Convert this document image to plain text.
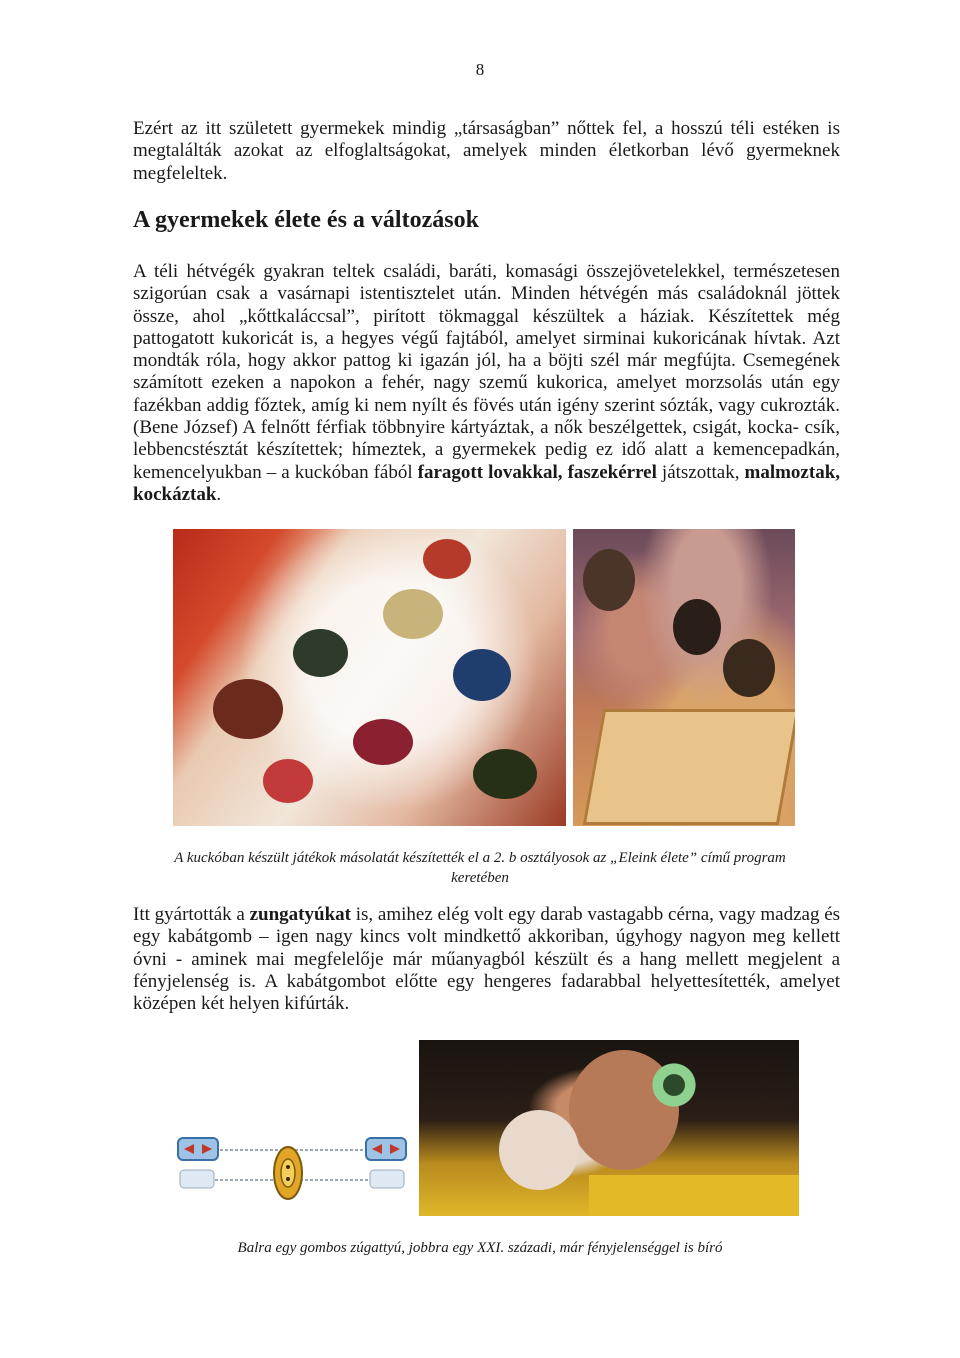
8

Ezért az itt született gyermekek mindig „társaságban” nőttek fel, a hosszú téli estéken is megtalálták azokat az elfoglaltságokat, amelyek minden életkorban lévő gyermeknek megfeleltek.

A gyermekek élete és a változások

A téli hétvégék gyakran teltek családi, baráti, komasági összejövetelekkel, természetesen szigorúan csak a vasárnapi istentisztelet után. Minden hétvégén más családoknál jöttek össze, ahol „kőttkaláccsal”, pirított tökmaggal készültek a háziak. Készítettek még pattogatott kukoricát is, a hegyes végű fajtából, amelyet sirminai kukoricának hívtak. Azt mondták róla, hogy akkor pattog ki igazán jól, ha a böjti szél már megfújta. Csemegének számított ezeken a napokon a fehér, nagy szemű kukorica, amelyet morzsolás után egy fazékban addig főztek, amíg ki nem nyílt és fövés után igény szerint sózták, vagy cukrozták. (Bene József) A felnőtt férfiak többnyire kártyáztak, a nők beszélgettek, csigát, kocka- csík, lebbencstésztát készítettek; hímeztek, a gyermekek pedig ez idő alatt a kemencepadkán, kemencelyukban – a kuckóban fából faragott lovakkal, faszekérrel játszottak, malmoztak, kockáztak.

A kuckóban készült játékok másolatát készítették el a 2. b osztályosok az „Eleink élete” című program
keretében

Itt gyártották a zungatyúkat is, amihez elég volt egy darab vastagabb cérna, vagy madzag és egy kabátgomb – igen nagy kincs volt mindkettő akkoriban, úgyhogy nagyon meg kellett óvni - aminek mai megfelelője már műanyagból készült és a hang mellett megjelent a fényjelenség is. A kabátgombot előtte egy hengeres fadarabbal helyettesítették, amelyet középen két helyen kifúrták.

Balra egy gombos zúgattyú, jobbra egy XXI. századi, már fényjelenséggel is bíró
